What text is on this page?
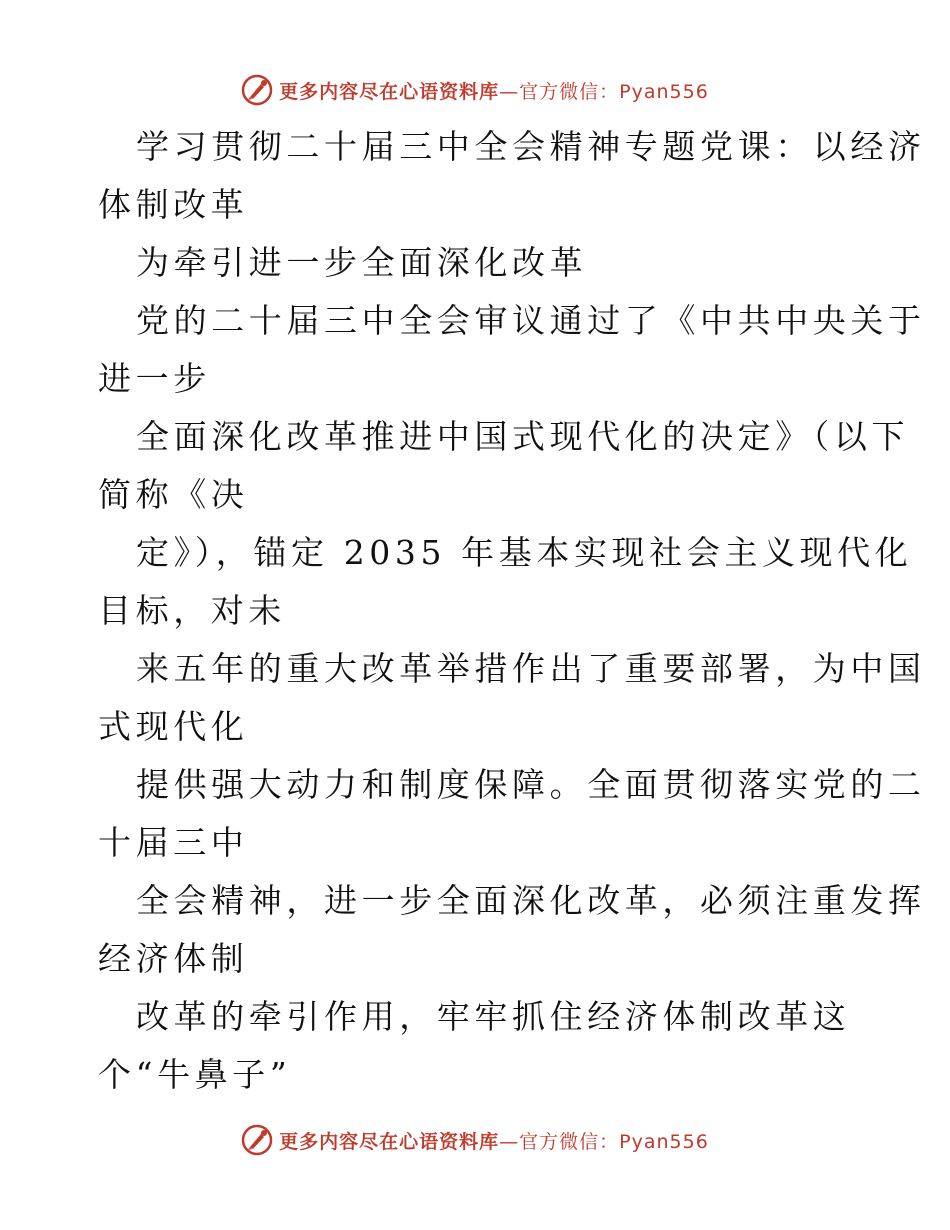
更多内容尽在心语资料库—官方微信：Pyan556

学习贯彻二十届三中全会精神专题党课：以经济
体制改革

为牵引进一步全面深化改革

党的二十届三中全会审议通过了《中共中央关于
进一步

全面深化改革推进中国式现代化的决定》（以下
简称《决

定》），锚定 2035 年基本实现社会主义现代化
目标，对未

来五年的重大改革举措作出了重要部署，为中国
式现代化

提供强大动力和制度保障。全面贯彻落实党的二
十届三中

全会精神，进一步全面深化改革，必须注重发挥
经济体制

改革的牵引作用，牢牢抓住经济体制改革这
个“牛鼻子”

更多内容尽在心语资料库—官方微信：Pyan556
